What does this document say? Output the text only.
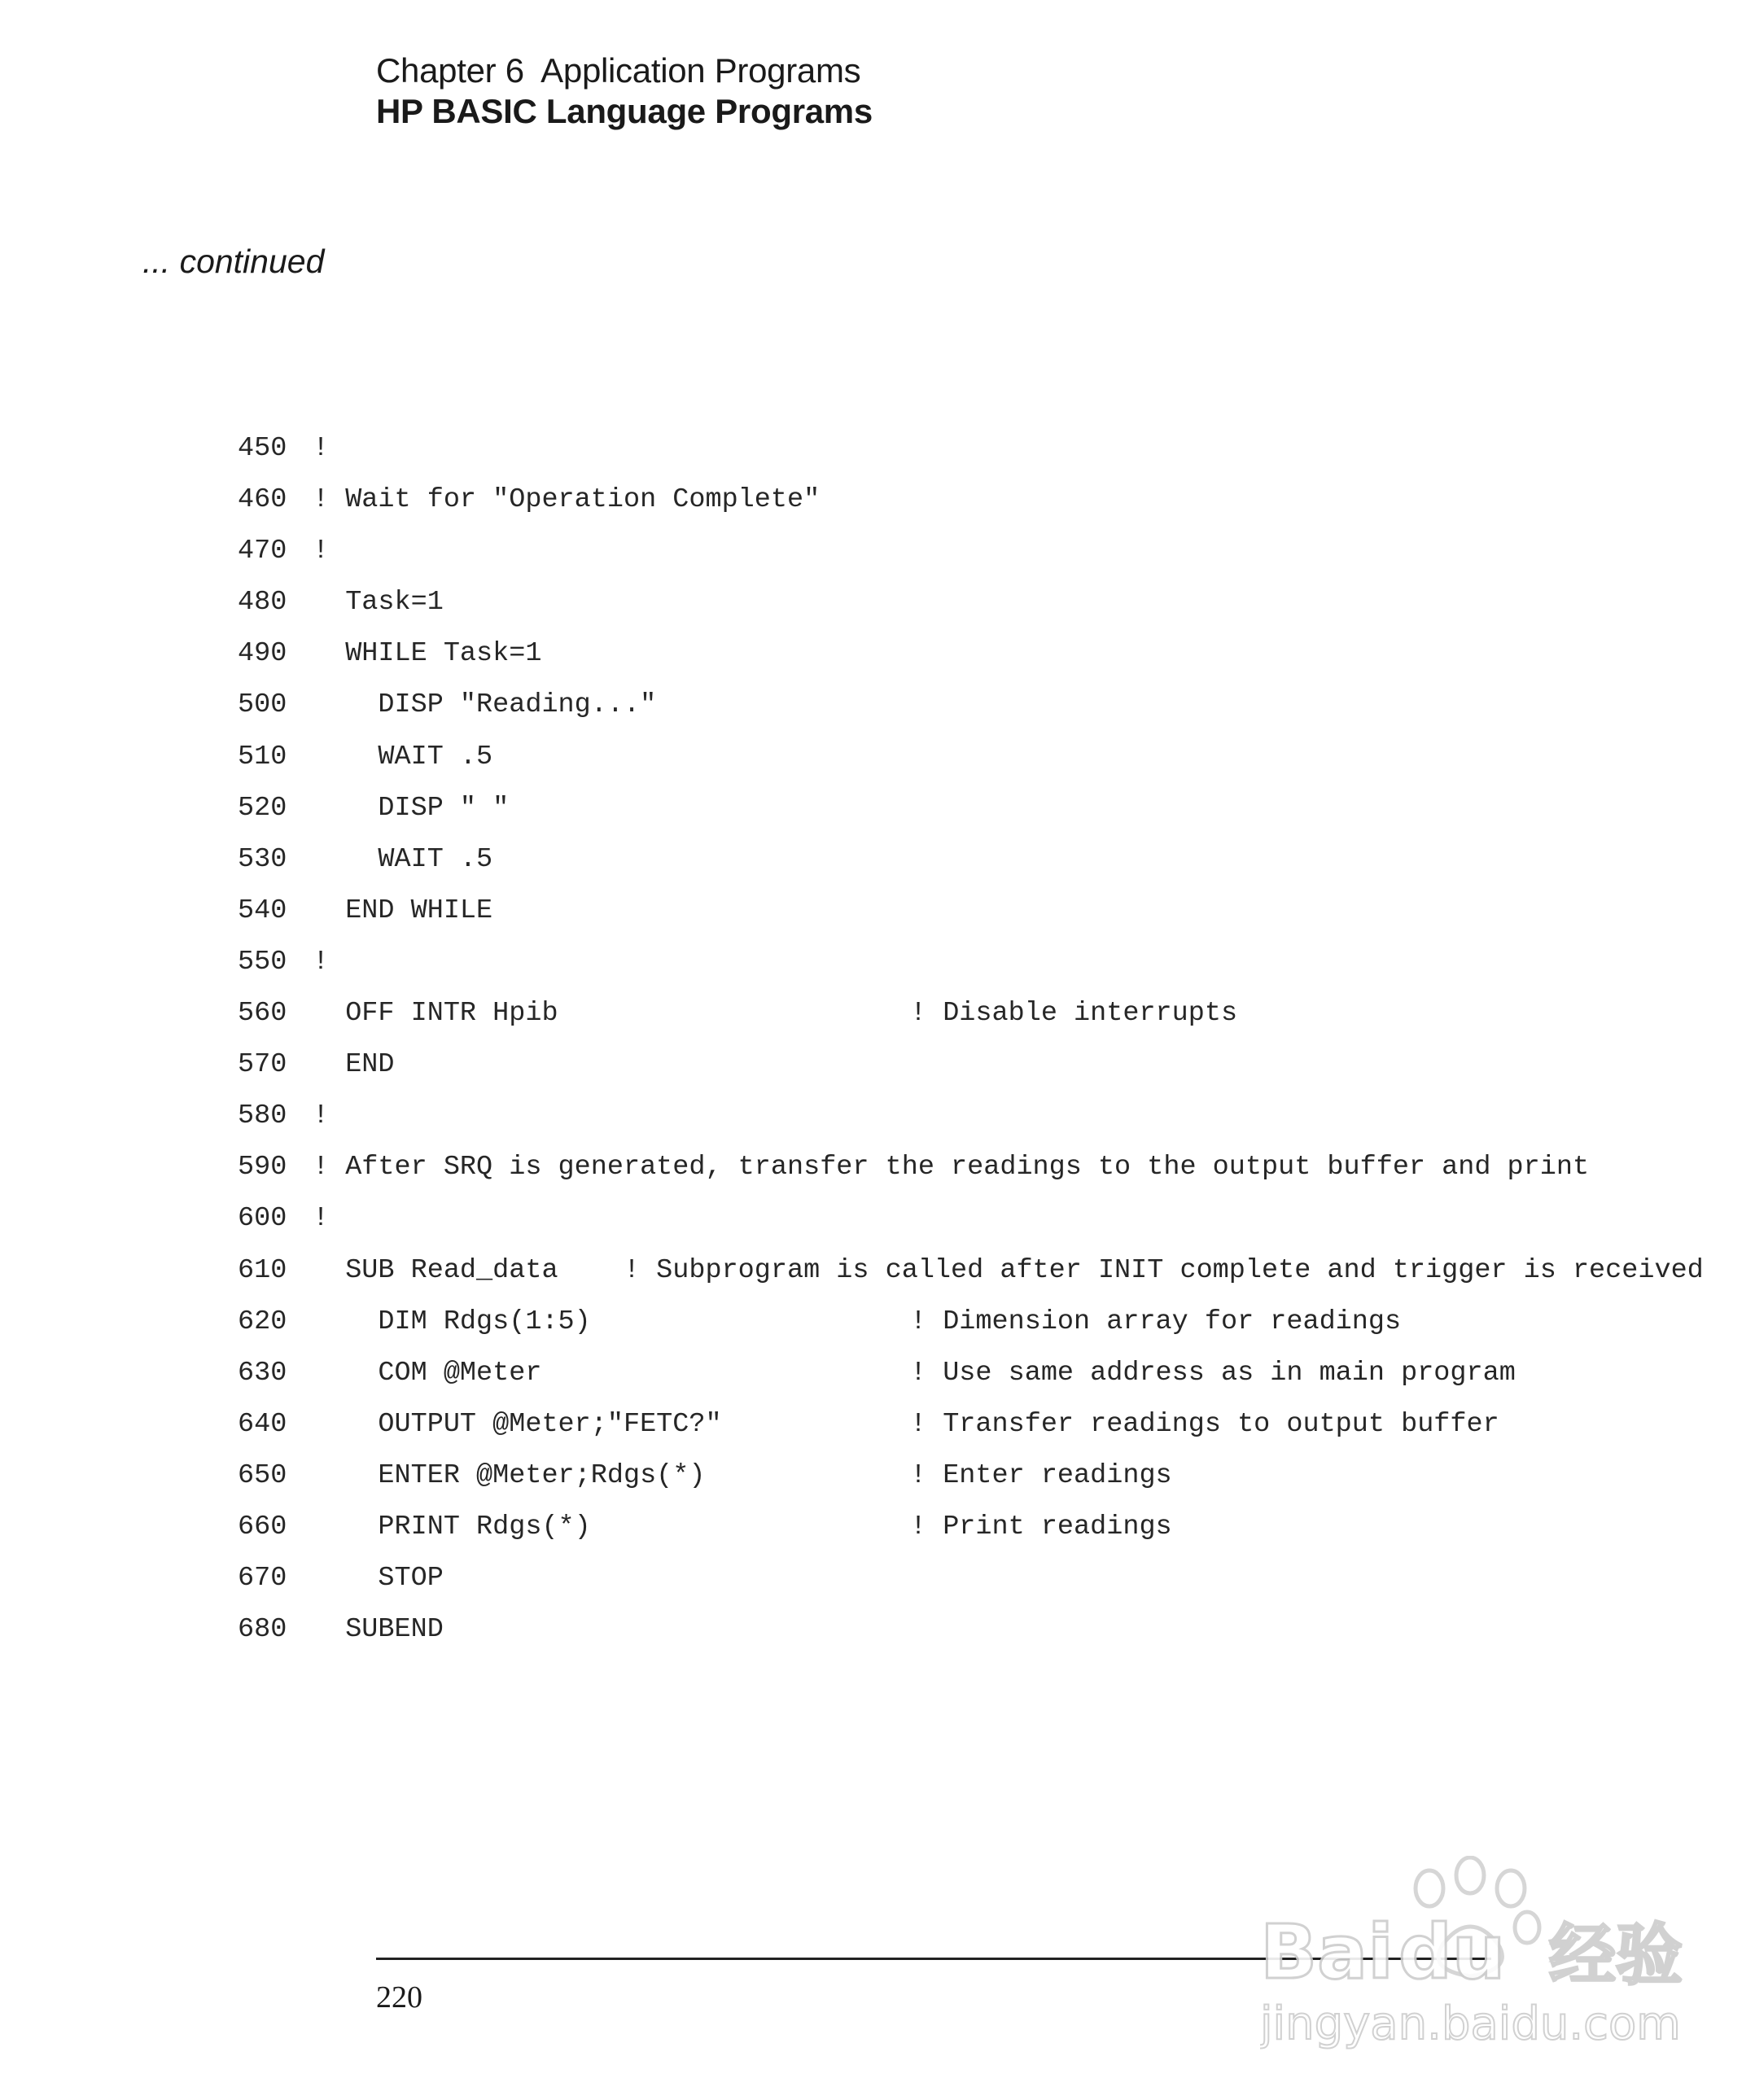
Chapter 6  Application Programs
HP BASIC Language Programs
... continued
450 !
460 ! Wait for "Operation Complete"
470 !
480 Task=1
490 WHILE Task=1
500 DISP "Reading..."
510 WAIT .5
520 DISP " "
530 WAIT .5
540 END WHILE
550 !
560 OFF INTR Hpib	! Disable interrupts
570 END
580 !
590 ! After SRQ is generated, transfer the readings to the output buffer and print
600 !
610 SUB Read_data    ! Subprogram is called after INIT complete and trigger is received
620 DIM Rdgs(1:5)	! Dimension array for readings
630 COM @Meter	! Use same address as in main program
640 OUTPUT @Meter;"FETC?"	! Transfer readings to output buffer
650 ENTER @Meter;Rdgs(*)	! Enter readings
660 PRINT Rdgs(*)	! Print readings
670 STOP
680 SUBEND
220
Bai du 经验
jingyan.baidu.com
